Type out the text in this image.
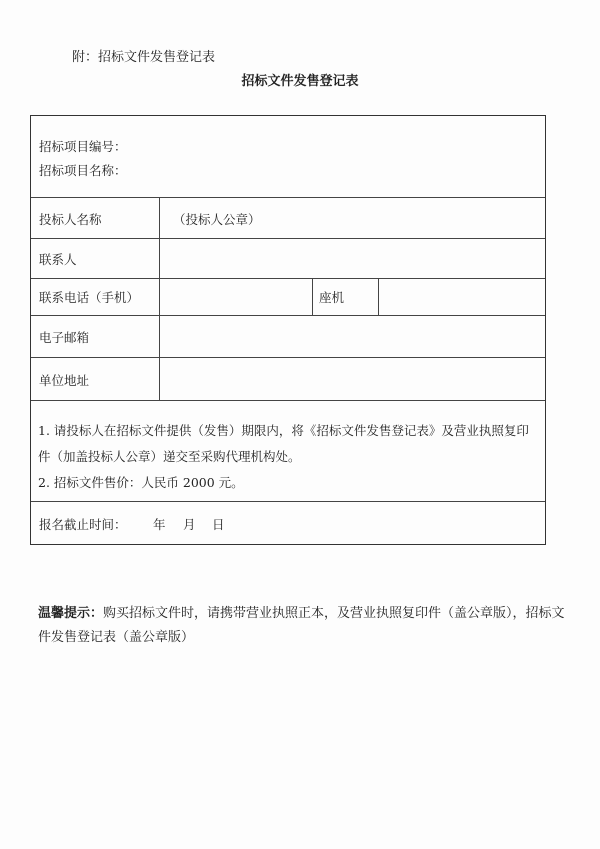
附：招标文件发售登记表
招标文件发售登记表
招标项目编号：
招标项目名称：
投标人名称	（投标人公章）
联系人
联系电话（手机）	座机
电子邮箱
单位地址

1. 请投标人在招标文件提供（发售）期限内，将《招标文件发售登记表》及营业执照复印件（加盖投标人公章）递交至采购代理机构处。

2. 招标文件售价：人民币 2000 元。

报名截止时间： 年 月 日
温馨提示：购买招标文件时，请携带营业执照正本，及营业执照复印件（盖公章版），招标文件发售登记表（盖公章版）
